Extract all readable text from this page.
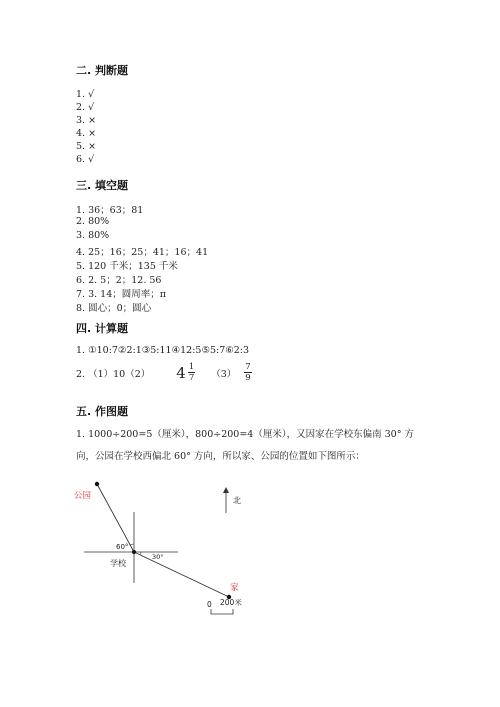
二. 判断题
1. √
2. √
3. ×
4. ×
5. ×
6. √
三. 填空题
1. 36；63；81
2. 80%
3. 80%
4. 25；16；25；41；16；41
5. 120 千米；135 千米
6. 2. 5；2；12. 56
7. 3. 14；圆周率；π
8. 圆心；0；圆心
四. 计算题
1. ①10:7②2:1③5:11④12:5⑤5:7⑥2:3
2. （1）10（2） $4 \frac{1}{7} (3) \frac{7}{9}$
五. 作图题
1. 1000÷200=5（厘米），800÷200=4（厘米），又因家在学校东偏南 30° 方
向，公园在学校西偏北 60° 方向，所以家、公园的位置如下图所示：
公园
学校
家
60°
30°
北
0 200米
